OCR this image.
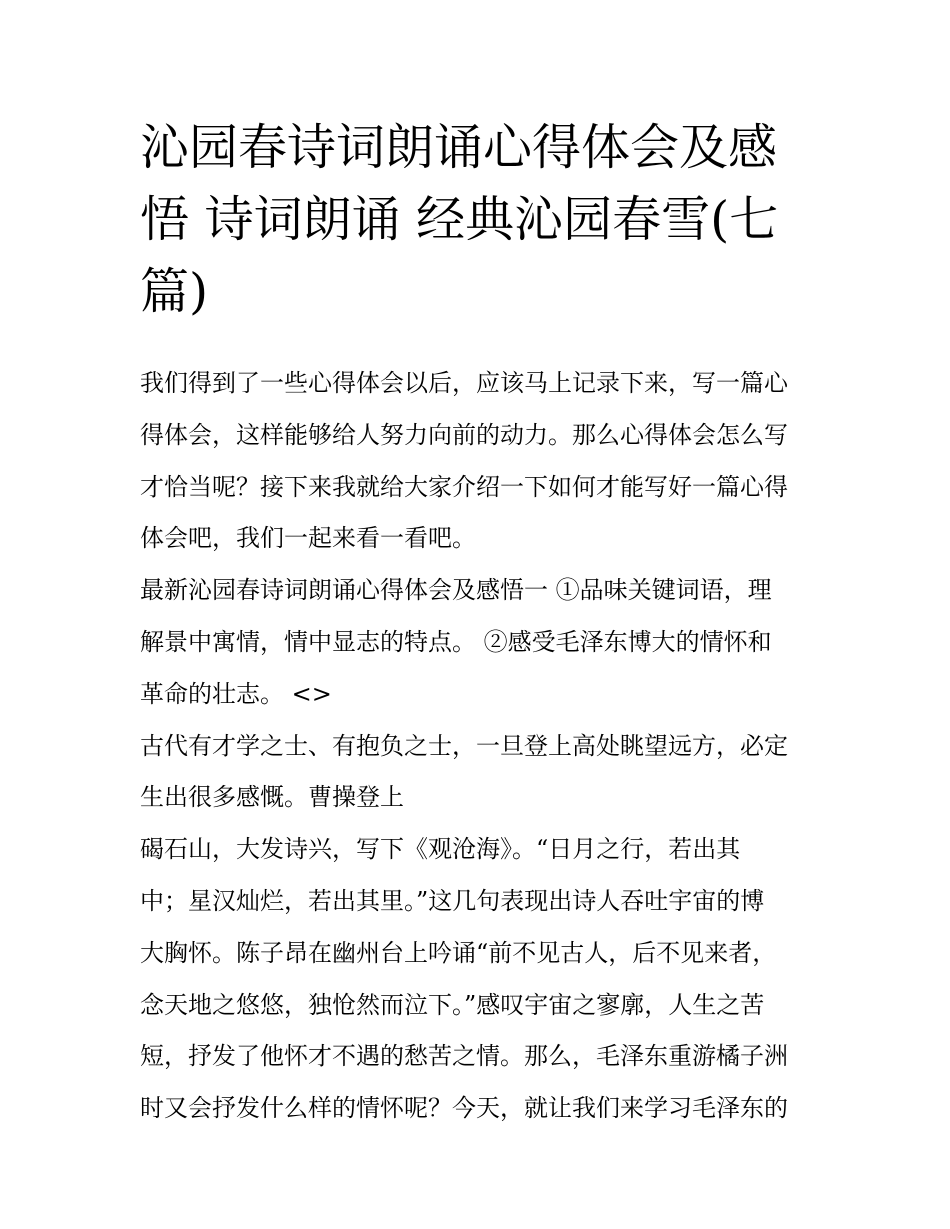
沁园春诗词朗诵心得体会及感
悟 诗词朗诵 经典沁园春雪(七
篇)
我们得到了一些心得体会以后，应该马上记录下来，写一篇心
得体会，这样能够给人努力向前的动力。那么心得体会怎么写
才恰当呢？接下来我就给大家介绍一下如何才能写好一篇心得
体会吧，我们一起来看一看吧。
最新沁园春诗词朗诵心得体会及感悟一 ①品味关键词语，理
解景中寓情，情中显志的特点。 ②感受毛泽东博大的情怀和
革命的壮志。 <>
古代有才学之士、有抱负之士，一旦登上高处眺望远方，必定
生出很多感慨。曹操登上
碣石山，大发诗兴，写下《观沧海》。“日月之行，若出其
中；星汉灿烂，若出其里。”这几句表现出诗人吞吐宇宙的博
大胸怀。陈子昂在幽州台上吟诵“前不见古人，后不见来者，
念天地之悠悠，独怆然而泣下。”感叹宇宙之寥廓，人生之苦
短，抒发了他怀才不遇的愁苦之情。那么，毛泽东重游橘子洲
时又会抒发什么样的情怀呢？今天，就让我们来学习毛泽东的
